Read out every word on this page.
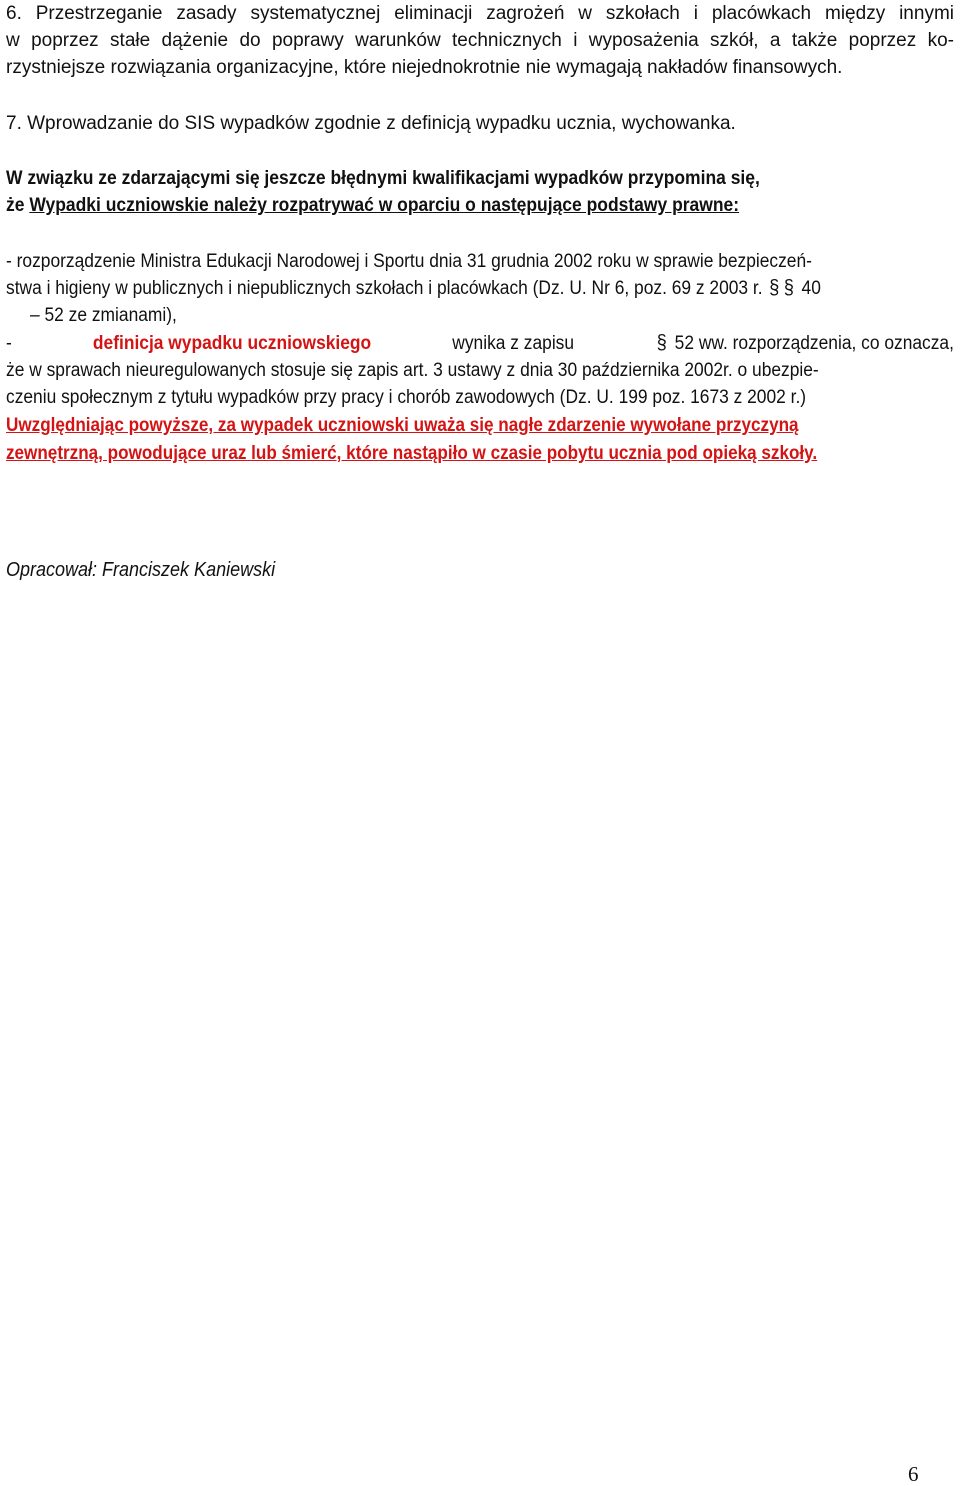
6. Przestrzeganie zasady systematycznej eliminacji zagrożeń w szkołach i placówkach między innymi
w poprzez stałe dążenie do poprawy warunków technicznych i wyposażenia szkół, a także poprzez ko-
rzystniejsze rozwiązania organizacyjne, które niejednokrotnie nie wymagają nakładów finansowych.
7. Wprowadzanie do SIS wypadków zgodnie z definicją wypadku ucznia, wychowanka.
W związku ze zdarzającymi się jeszcze błędnymi kwalifikacjami wypadków przypomina się,
że Wypadki uczniowskie należy rozpatrywać w oparciu o następujące podstawy prawne:
- rozporządzenie Ministra Edukacji Narodowej i Sportu dnia 31 grudnia 2002 roku w sprawie bezpieczeń-
stwa i higieny w publicznych i niepublicznych szkołach i placówkach (Dz. U. Nr 6, poz. 69 z 2003 r. § § 40
– 52 ze zmianami),
-	definicja wypadku uczniowskiego	wynika z zapisu	§ 52 ww. rozporządzenia, co oznacza,
że w sprawach nieuregulowanych stosuje się zapis art. 3 ustawy z dnia 30 października 2002r. o ubezpie-
czeniu społecznym z tytułu wypadków przy pracy i chorób zawodowych (Dz. U. 199 poz. 1673 z 2002 r.)
Uwzględniając powyższe, za wypadek uczniowski uważa się nagłe zdarzenie wywołane przyczyną
zewnętrzną, powodujące uraz lub śmierć, które nastąpiło w czasie pobytu ucznia pod opieką szkoły.
Opracował: Franciszek Kaniewski
6
